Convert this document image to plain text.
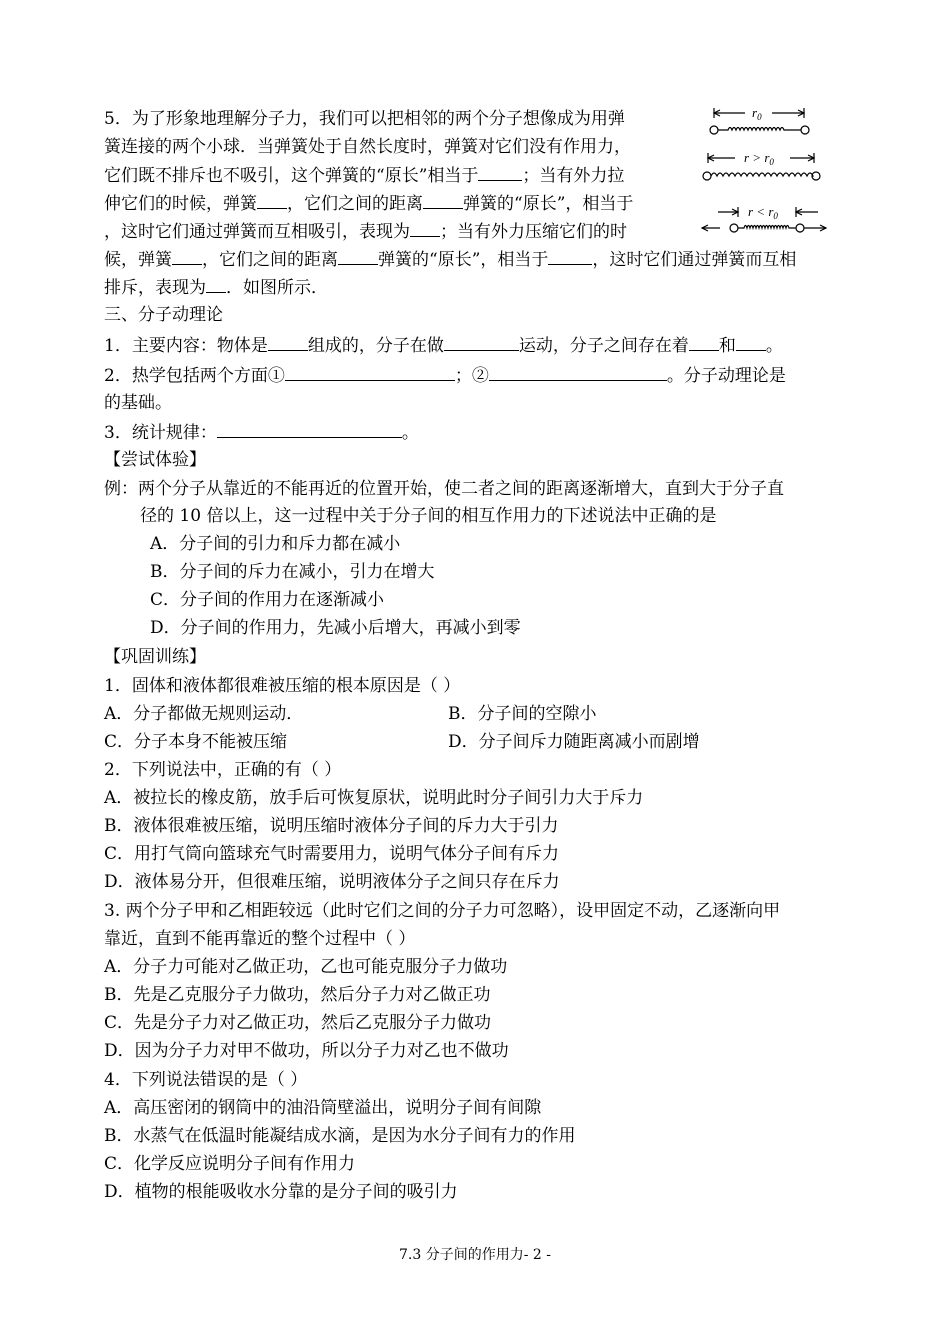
5．为了形象地理解分子力，我们可以把相邻的两个分子想像成为用弹
簧连接的两个小球．当弹簧处于自然长度时，弹簧对它们没有作用力，
它们既不排斥也不吸引，这个弹簧的“原长”相当于	；当有外力拉
伸它们的时候，弹簧 ，它们之间的距离 弹簧的“原长”，相当于
，这时它们通过弹簧而互相吸引，表现为 ；当有外力压缩它们的时
候，弹簧 ，它们之间的距离 弹簧的“原长”，相当于	，这时它们通过弹簧而互相
排斥，表现为 ．如图所示．
$r_0$
$r > r_0$
$r < r_0$
三、分子动理论
1．主要内容：物体是 组成的，分子在做	运动，分子之间存在着 和 。
2．热学包括两个方面①	；②	。分子动理论是
的基础。
3．统计规律：	。
【尝试体验】
例：两个分子从靠近的不能再近的位置开始，使二者之间的距离逐渐增大，直到大于分子直
径的 10 倍以上，这一过程中关于分子间的相互作用力的下述说法中正确的是
A．分子间的引力和斥力都在减小
B．分子间的斥力在减小，引力在增大
C．分子间的作用力在逐渐减小
D．分子间的作用力，先减小后增大，再减小到零
【巩固训练】
1．固体和液体都很难被压缩的根本原因是（ ）
A．分子都做无规则运动．	B．分子间的空隙小
C．分子本身不能被压缩	D．分子间斥力随距离减小而剧增
2．下列说法中，正确的有（ ）
A．被拉长的橡皮筋，放手后可恢复原状，说明此时分子间引力大于斥力
B．液体很难被压缩，说明压缩时液体分子间的斥力大于引力
C．用打气筒向篮球充气时需要用力，说明气体分子间有斥力
D．液体易分开，但很难压缩，说明液体分子之间只存在斥力
3. 两个分子甲和乙相距较远（此时它们之间的分子力可忽略），设甲固定不动，乙逐渐向甲
靠近，直到不能再靠近的整个过程中（ ）
A．分子力可能对乙做正功，乙也可能克服分子力做功
B．先是乙克服分子力做功，然后分子力对乙做正功
C．先是分子力对乙做正功，然后乙克服分子力做功
D．因为分子力对甲不做功，所以分子力对乙也不做功
4．下列说法错误的是（ ）
A．高压密闭的钢筒中的油沿筒壁溢出，说明分子间有间隙
B．水蒸气在低温时能凝结成水滴，是因为水分子间有力的作用
C．化学反应说明分子间有作用力
D．植物的根能吸收水分靠的是分子间的吸引力
7.3 分子间的作用力- 2 -
